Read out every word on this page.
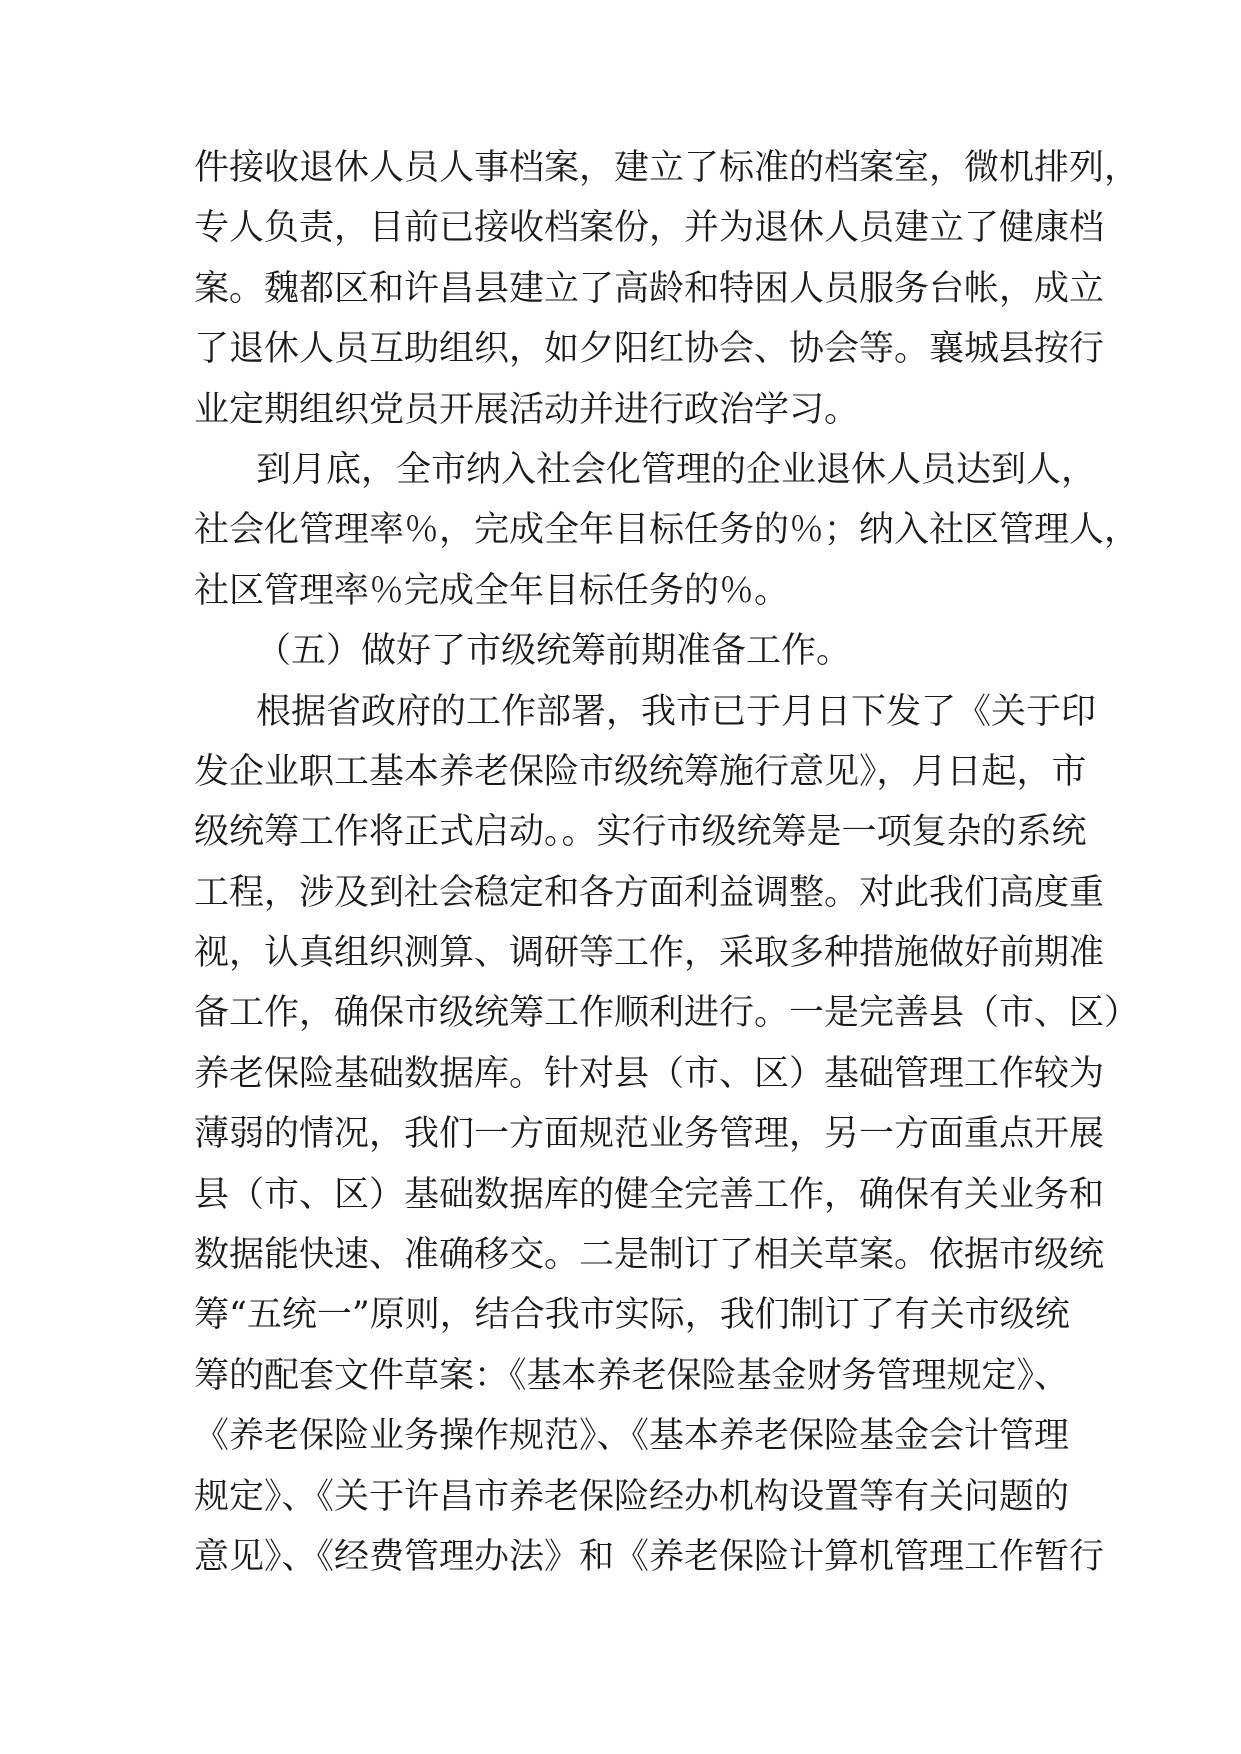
件接收退休人员人事档案，建立了标准的档案室，微机排列，
专人负责，目前已接收档案份，并为退休人员建立了健康档
案。魏都区和许昌县建立了高龄和特困人员服务台帐，成立
了退休人员互助组织，如夕阳红协会、协会等。襄城县按行
业定期组织党员开展活动并进行政治学习。
到月底，全市纳入社会化管理的企业退休人员达到人，
社会化管理率％，完成全年目标任务的％；纳入社区管理人，
社区管理率％完成全年目标任务的％。
（五）做好了市级统筹前期准备工作。
根据省政府的工作部署，我市已于月日下发了《关于印
发企业职工基本养老保险市级统筹施行意见》，月日起，市
级统筹工作将正式启动。。实行市级统筹是一项复杂的系统
工程，涉及到社会稳定和各方面利益调整。对此我们高度重
视，认真组织测算、调研等工作，采取多种措施做好前期准
备工作，确保市级统筹工作顺利进行。一是完善县（市、区）
养老保险基础数据库。针对县（市、区）基础管理工作较为
薄弱的情况，我们一方面规范业务管理，另一方面重点开展
县（市、区）基础数据库的健全完善工作，确保有关业务和
数据能快速、准确移交。二是制订了相关草案。依据市级统
筹“五统一”原则，结合我市实际，我们制订了有关市级统
筹的配套文件草案：《基本养老保险基金财务管理规定》、
《养老保险业务操作规范》、《基本养老保险基金会计管理
规定》、《关于许昌市养老保险经办机构设置等有关问题的
意见》、《经费管理办法》和《养老保险计算机管理工作暂行
